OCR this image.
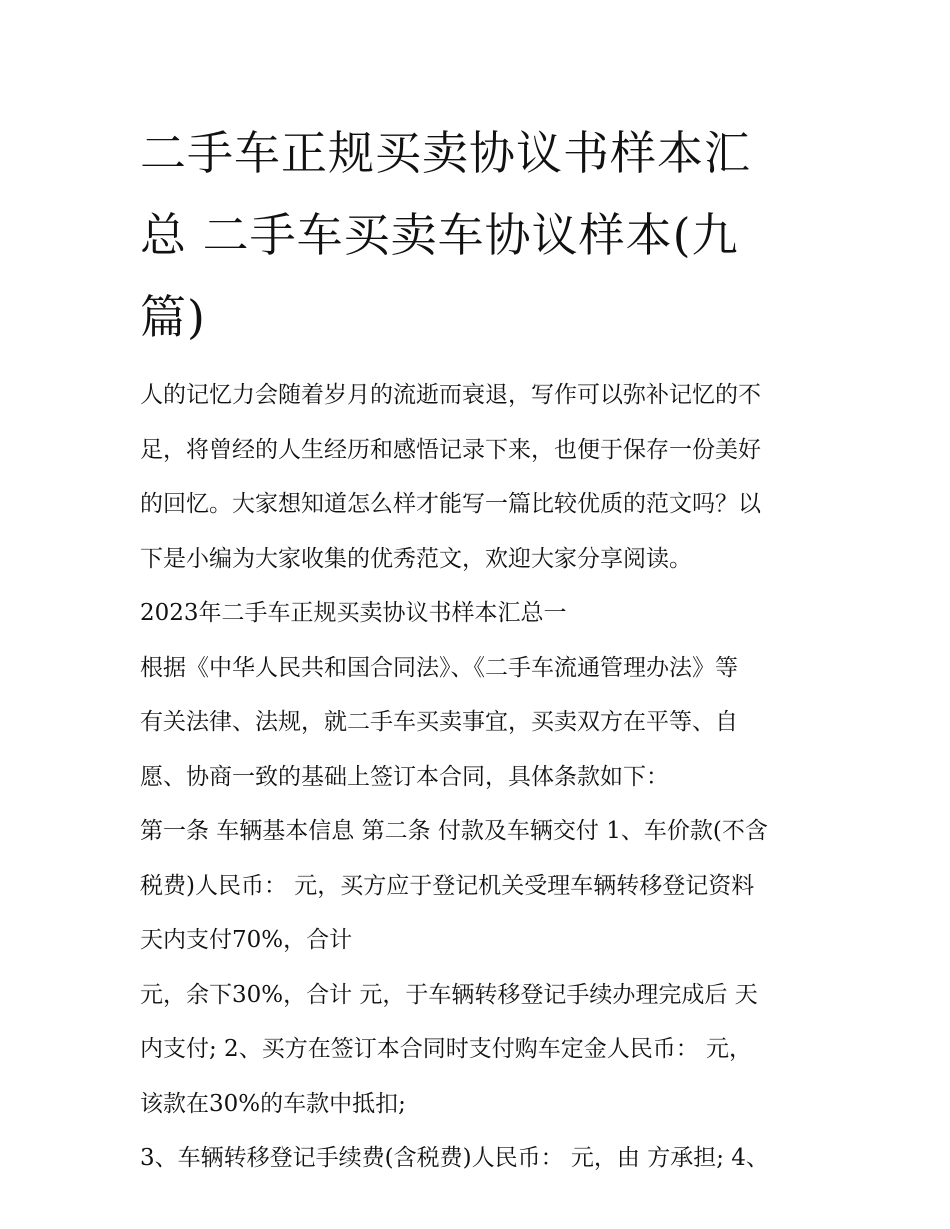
二手车正规买卖协议书样本汇
总 二手车买卖车协议样本(九
篇)

人的记忆力会随着岁月的流逝而衰退，写作可以弥补记忆的不
足，将曾经的人生经历和感悟记录下来，也便于保存一份美好
的回忆。大家想知道怎么样才能写一篇比较优质的范文吗？以
下是小编为大家收集的优秀范文，欢迎大家分享阅读。

2023年二手车正规买卖协议书样本汇总一

根据《中华人民共和国合同法》、《二手车流通管理办法》等
有关法律、法规，就二手车买卖事宜，买卖双方在平等、自
愿、协商一致的基础上签订本合同，具体条款如下：

第一条 车辆基本信息 第二条 付款及车辆交付 1、车价款(不含
税费)人民币： 元，买方应于登记机关受理车辆转移登记资料
天内支付70%，合计

元，余下30%，合计 元，于车辆转移登记手续办理完成后 天
内支付; 2、买方在签订本合同时支付购车定金人民币： 元，
该款在30%的车款中抵扣;

3、车辆转移登记手续费(含税费)人民币： 元，由 方承担; 4、
